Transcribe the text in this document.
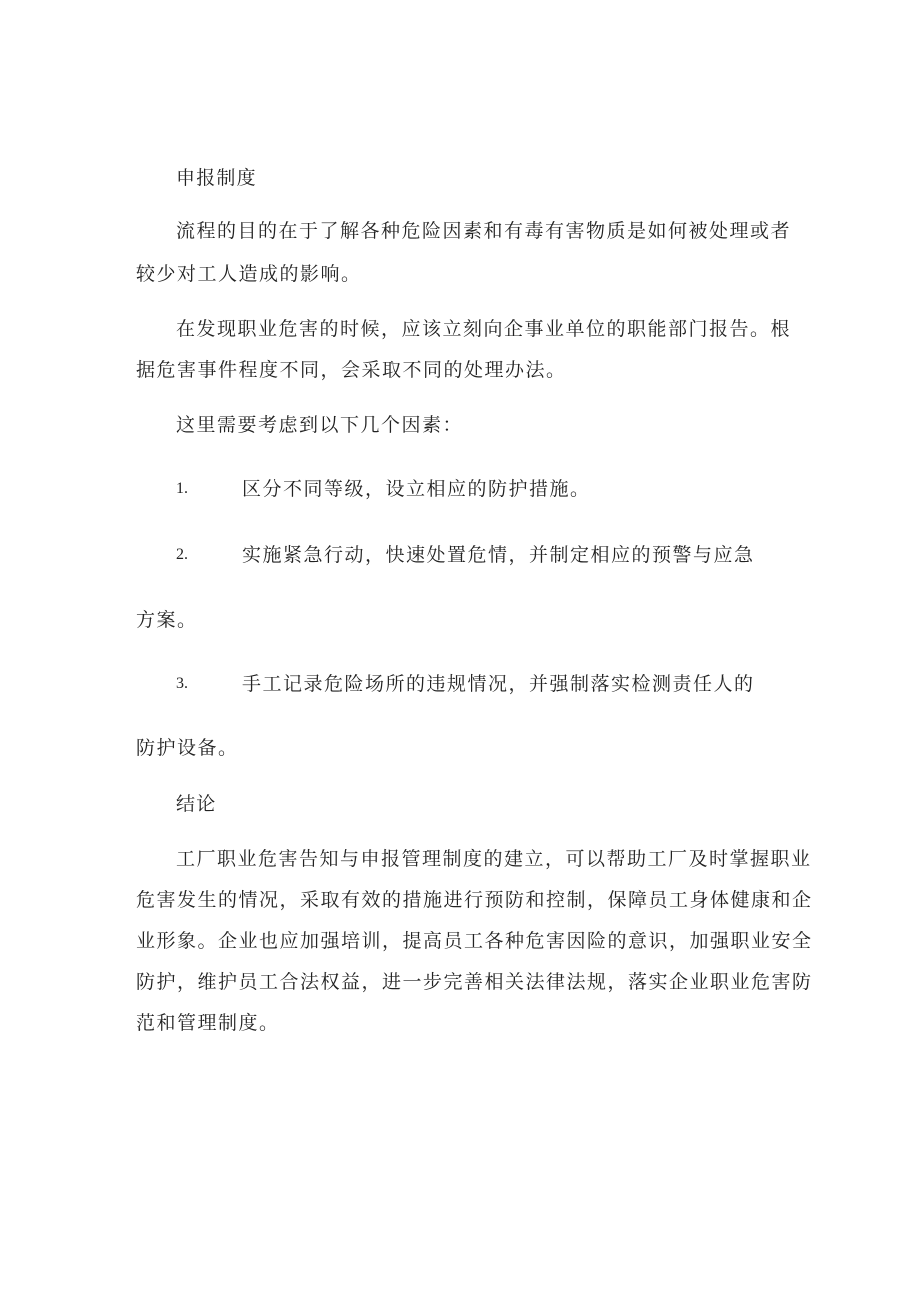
申报制度
流程的目的在于了解各种危险因素和有毒有害物质是如何被处理或者
较少对工人造成的影响。
在发现职业危害的时候，应该立刻向企事业单位的职能部门报告。根
据危害事件程度不同，会采取不同的处理办法。
这里需要考虑到以下几个因素：
1.	区分不同等级，设立相应的防护措施。
2.	实施紧急行动，快速处置危情，并制定相应的预警与应急
方案。
3.	手工记录危险场所的违规情况，并强制落实检测责任人的
防护设备。
结论
工厂职业危害告知与申报管理制度的建立，可以帮助工厂及时掌握职业
危害发生的情况，采取有效的措施进行预防和控制，保障员工身体健康和企
业形象。企业也应加强培训，提高员工各种危害因险的意识，加强职业安全
防护，维护员工合法权益，进一步完善相关法律法规，落实企业职业危害防
范和管理制度。
